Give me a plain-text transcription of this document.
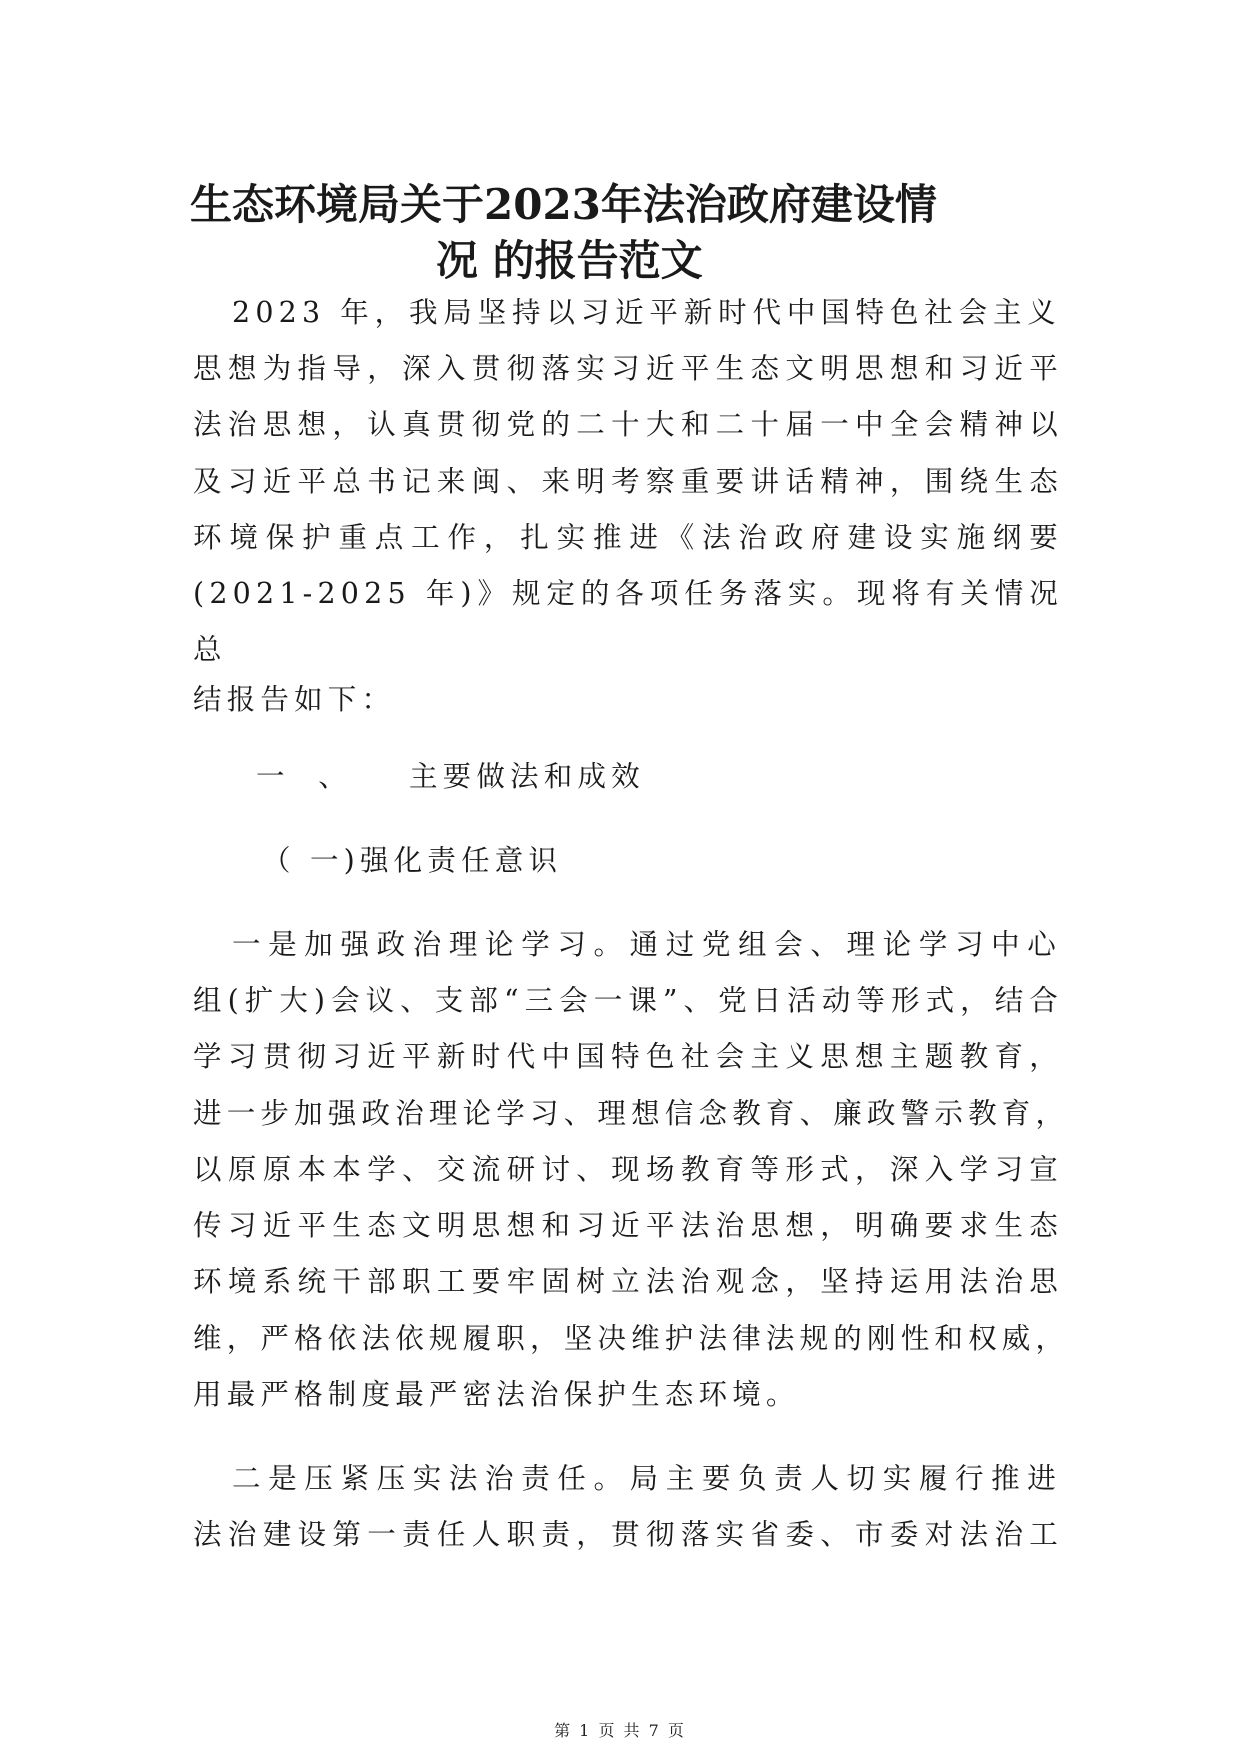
生态环境局关于2023年法治政府建设情
况 的报告范文
2023 年，我局坚持以习近平新时代中国特色社会主义
思想为指导，深入贯彻落实习近平生态文明思想和习近平
法治思想，认真贯彻党的二十大和二十届一中全会精神以
及习近平总书记来闽、来明考察重要讲话精神，围绕生态
环境保护重点工作，扎实推进《法治政府建设实施纲要
(2021-2025 年)》规定的各项任务落实。现将有关情况
总
结报告如下：
一  、    主要做法和成效
（ 一)强化责任意识
一是加强政治理论学习。通过党组会、理论学习中心
组(扩大)会议、支部“三会一课”、党日活动等形式，结合
学习贯彻习近平新时代中国特色社会主义思想主题教育，
进一步加强政治理论学习、理想信念教育、廉政警示教育，
以原原本本学、交流研讨、现场教育等形式，深入学习宣
传习近平生态文明思想和习近平法治思想，明确要求生态
环境系统干部职工要牢固树立法治观念，坚持运用法治思
维，严格依法依规履职，坚决维护法律法规的刚性和权威，
用最严格制度最严密法治保护生态环境。
二是压紧压实法治责任。局主要负责人切实履行推进
法治建设第一责任人职责，贯彻落实省委、市委对法治工
第 1 页 共 7 页
